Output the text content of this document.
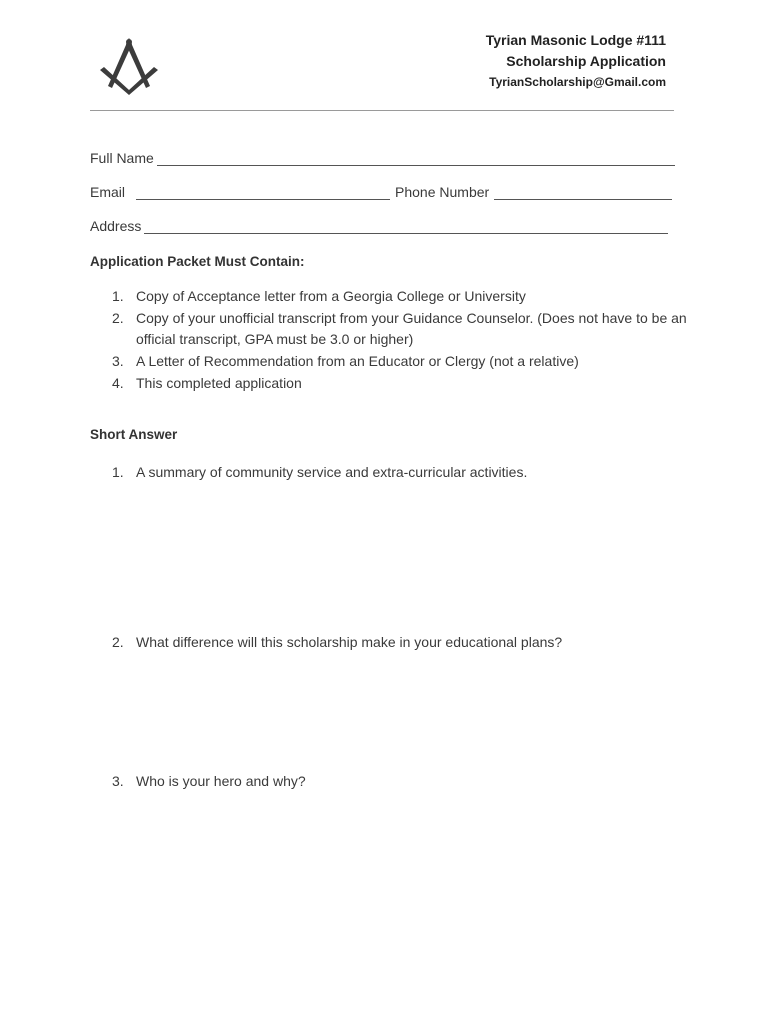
Tyrian Masonic Lodge #111
Scholarship Application
TyrianScholarship@Gmail.com
Full Name
Email	Phone Number
Address
Application Packet Must Contain:
1. Copy of Acceptance letter from a Georgia College or University
2. Copy of your unofficial transcript from your Guidance Counselor. (Does not have to be an official transcript, GPA must be 3.0 or higher)
3. A Letter of Recommendation from an Educator or Clergy (not a relative)
4. This completed application
Short Answer
1. A summary of community service and extra-curricular activities.
2. What difference will this scholarship make in your educational plans?
3. Who is your hero and why?
